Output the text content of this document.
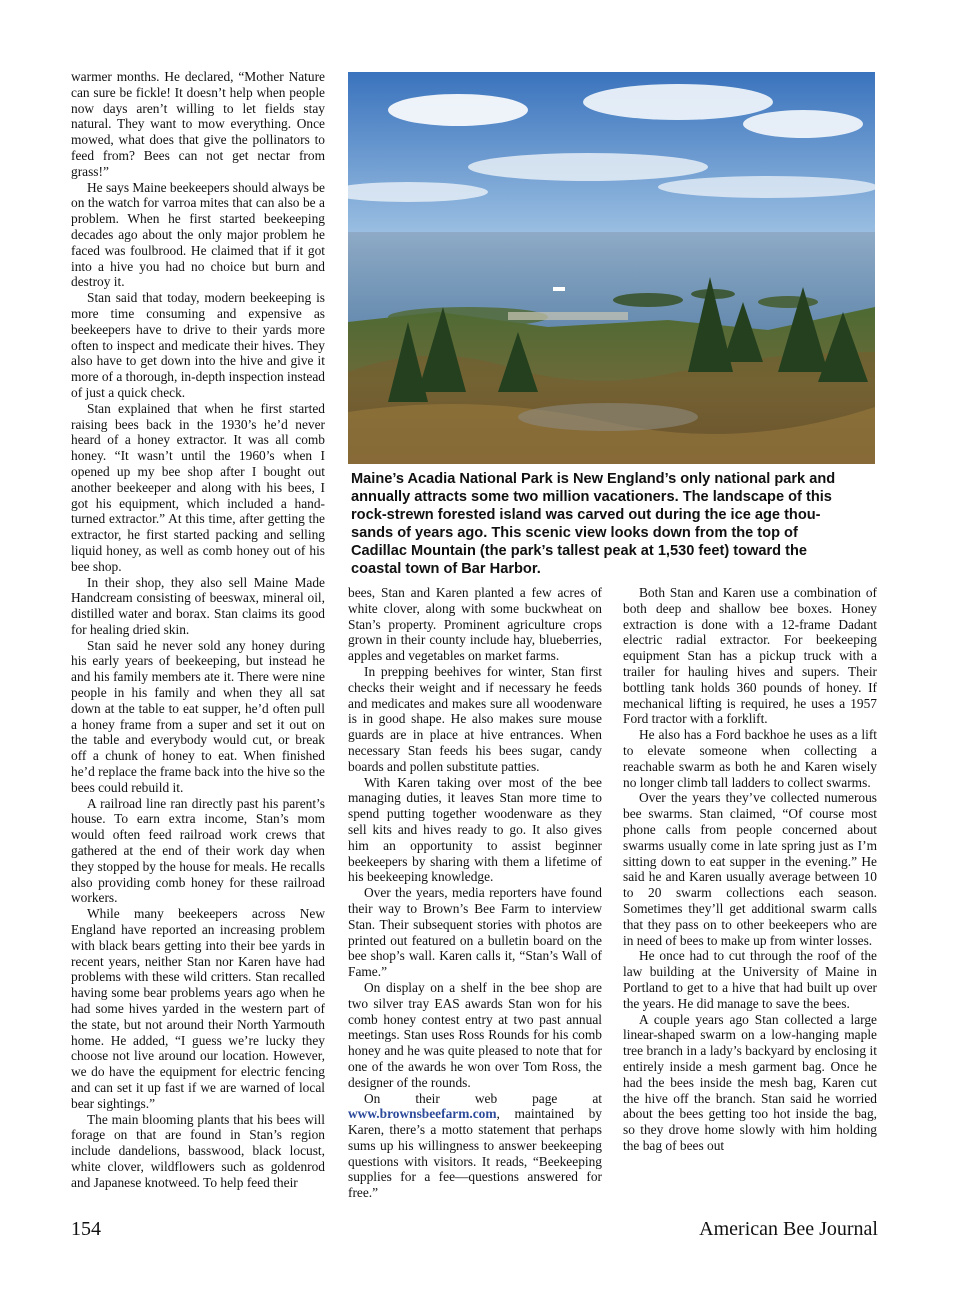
warmer months. He declared, “Mother Nature can sure be fickle! It doesn’t help when people now days aren’t willing to let fields stay natural. They want to mow everything. Once mowed, what does that give the pollinators to feed from? Bees can not get nectar from grass!”

He says Maine beekeepers should always be on the watch for varroa mites that can also be a problem. When he first started beekeeping decades ago about the only major problem he faced was foulbrood. He claimed that if it got into a hive you had no choice but burn and destroy it.

Stan said that today, modern beekeeping is more time consuming and expensive as beekeepers have to drive to their yards more often to inspect and medicate their hives. They also have to get down into the hive and give it more of a thorough, in-depth inspection instead of just a quick check.

Stan explained that when he first started raising bees back in the 1930’s he’d never heard of a honey extractor. It was all comb honey. “It wasn’t until the 1960’s when I opened up my bee shop after I bought out another beekeeper and along with his bees, I got his equipment, which included a hand-turned extractor.” At this time, after getting the extractor, he first started packing and selling liquid honey, as well as comb honey out of his bee shop.

In their shop, they also sell Maine Made Handcream consisting of beeswax, mineral oil, distilled water and borax. Stan claims its good for healing dried skin.

Stan said he never sold any honey during his early years of beekeeping, but instead he and his family members ate it. There were nine people in his family and when they all sat down at the table to eat supper, he’d often pull a honey frame from a super and set it out on the table and everybody would cut, or break off a chunk of honey to eat. When finished he’d replace the frame back into the hive so the bees could rebuild it.

A railroad line ran directly past his parent’s house. To earn extra income, Stan’s mom would often feed railroad work crews that gathered at the end of their work day when they stopped by the house for meals. He recalls also providing comb honey for these railroad workers.

While many beekeepers across New England have reported an increasing problem with black bears getting into their bee yards in recent years, neither Stan nor Karen have had problems with these wild critters. Stan recalled having some bear problems years ago when he had some hives yarded in the western part of the state, but not around their North Yarmouth home. He added, “I guess we’re lucky they choose not live around our location. However, we do have the equipment for electric fencing and can set it up fast if we are warned of local bear sightings.”

The main blooming plants that his bees will forage on that are found in Stan’s region include dandelions, basswood, black locust, white clover, wildflowers such as goldenrod and Japanese knotweed. To help feed their

Maine’s Acadia National Park is New England’s only national park and
annually attracts some two million vacationers. The landscape of this
rock-strewn forested island was carved out during the ice age thou-
sands of years ago. This scenic view looks down from the top of
Cadillac Mountain (the park’s tallest peak at 1,530 feet) toward the
coastal town of Bar Harbor.

bees, Stan and Karen planted a few acres of white clover, along with some buckwheat on Stan’s property. Prominent agriculture crops grown in their county include hay, blueberries, apples and vegetables on market farms.

In prepping beehives for winter, Stan first checks their weight and if necessary he feeds and medicates and makes sure all woodenware is in good shape. He also makes sure mouse guards are in place at hive entrances. When necessary Stan feeds his bees sugar, candy boards and pollen substitute patties.

With Karen taking over most of the bee managing duties, it leaves Stan more time to spend putting together woodenware as they sell kits and hives ready to go. It also gives him an opportunity to assist beginner beekeepers by sharing with them a lifetime of his beekeeping knowledge.

Over the years, media reporters have found their way to Brown’s Bee Farm to interview Stan. Their subsequent stories with photos are printed out featured on a bulletin board on the bee shop’s wall. Karen calls it, “Stan’s Wall of Fame.”

On display on a shelf in the bee shop are two silver tray EAS awards Stan won for his comb honey contest entry at two past annual meetings. Stan uses Ross Rounds for his comb honey and he was quite pleased to note that for one of the awards he won over Tom Ross, the designer of the rounds.

On their web page at www.brownsbeefarm.com, maintained by Karen, there’s a motto statement that perhaps sums up his willingness to answer beekeeping questions with visitors. It reads, “Beekeeping supplies for a fee—questions answered for free.”

Both Stan and Karen use a combination of both deep and shallow bee boxes. Honey extraction is done with a 12-frame Dadant electric radial extractor. For beekeeping equipment Stan has a pickup truck with a trailer for hauling hives and supers. Their bottling tank holds 360 pounds of honey. If mechanical lifting is required, he uses a 1957 Ford tractor with a forklift.

He also has a Ford backhoe he uses as a lift to elevate someone when collecting a reachable swarm as both he and Karen wisely no longer climb tall ladders to collect swarms.

Over the years they’ve collected numerous bee swarms. Stan claimed, “Of course most phone calls from people concerned about swarms usually come in late spring just as I’m sitting down to eat supper in the evening.” He said he and Karen usually average between 10 to 20 swarm collections each season. Sometimes they’ll get additional swarm calls that they pass on to other beekeepers who are in need of bees to make up from winter losses.

He once had to cut through the roof of the law building at the University of Maine in Portland to get to a hive that had built up over the years. He did manage to save the bees.

A couple years ago Stan collected a large linear-shaped swarm on a low-hanging maple tree branch in a lady’s backyard by enclosing it entirely inside a mesh garment bag. Once he had the bees inside the mesh bag, Karen cut the hive off the branch. Stan said he worried about the bees getting too hot inside the bag, so they drove home slowly with him holding the bag of bees out

154	American Bee Journal
